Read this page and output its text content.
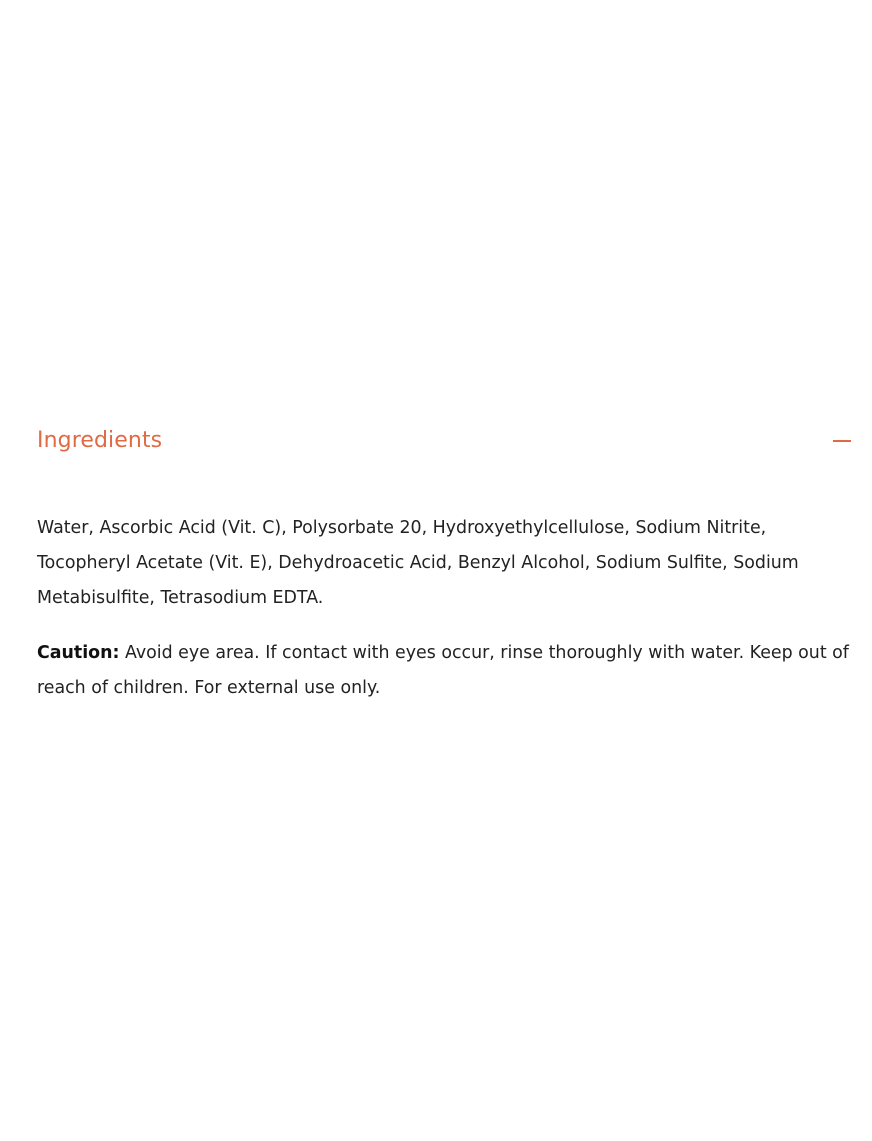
Ingredients

Water, Ascorbic Acid (Vit. C), Polysorbate 20, Hydroxyethylcellulose, Sodium Nitrite, Tocopheryl Acetate (Vit. E), Dehydroacetic Acid, Benzyl Alcohol, Sodium Sulfite, Sodium Metabisulfite, Tetrasodium EDTA.

Caution: Avoid eye area. If contact with eyes occur, rinse thoroughly with water. Keep out of reach of children. For external use only.
